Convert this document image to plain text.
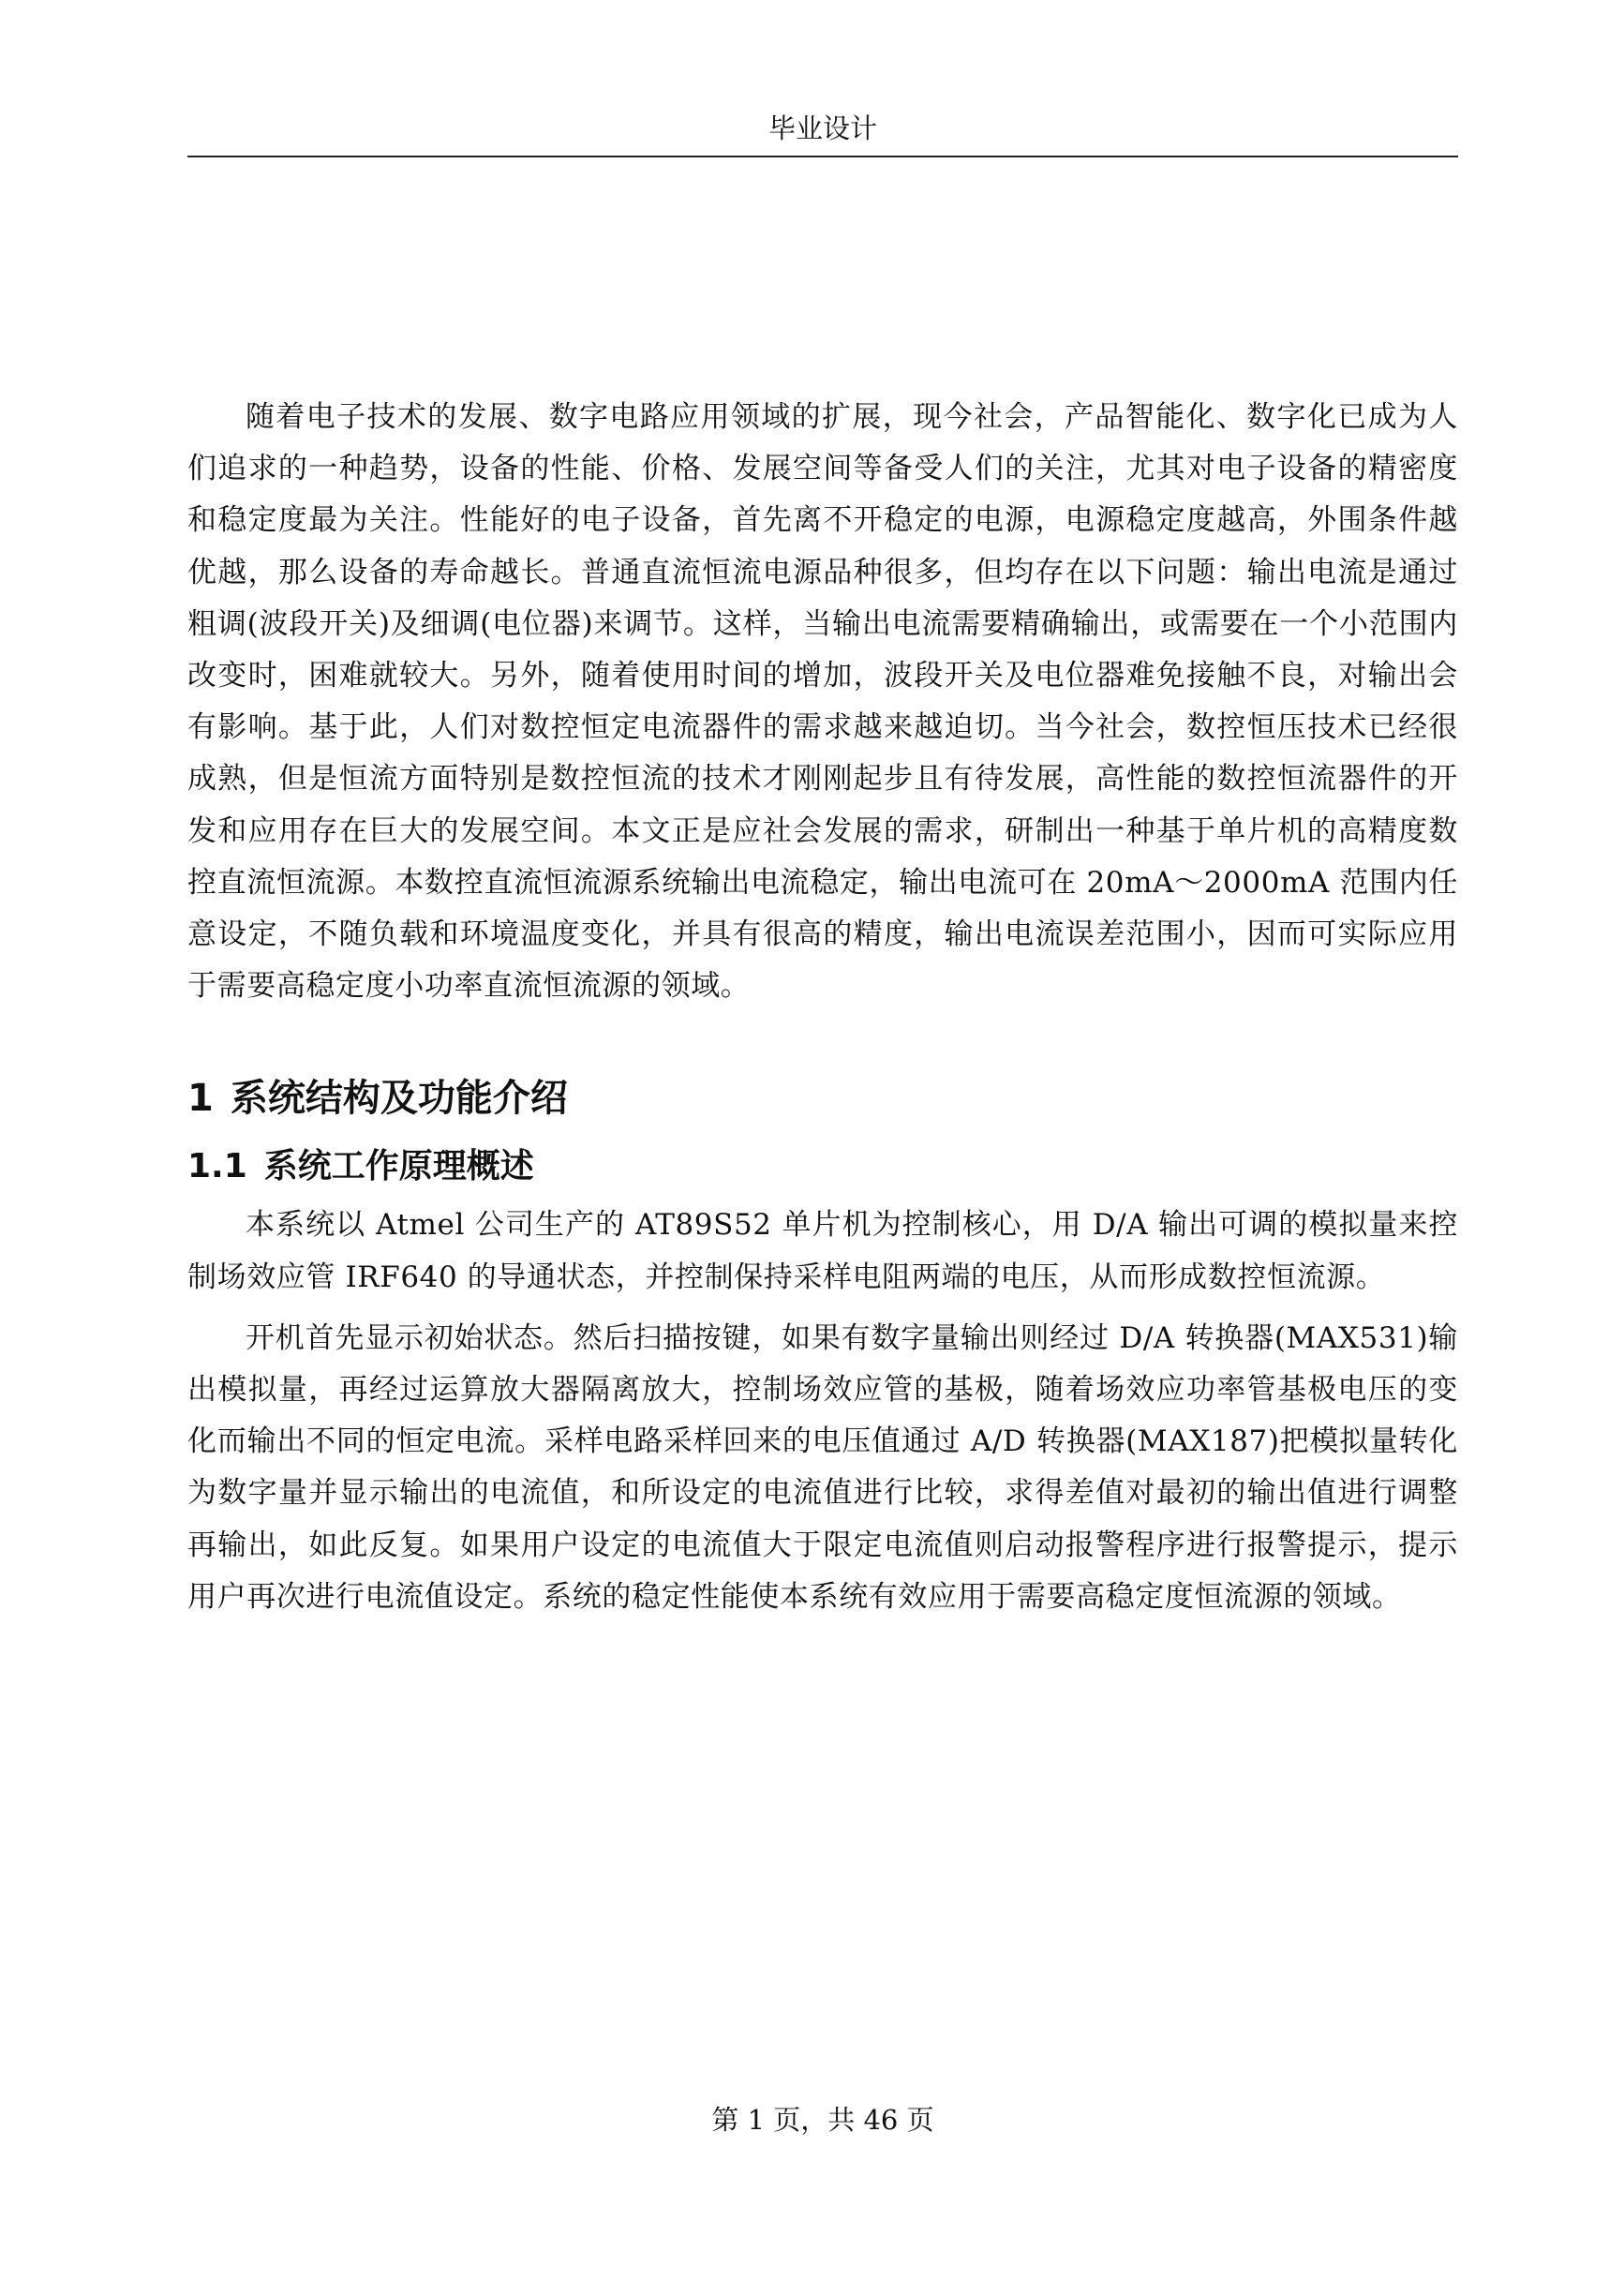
毕业设计

随着电子技术的发展、数字电路应用领域的扩展，现今社会，产品智能化、数字化已成为人们追求的一种趋势，设备的性能、价格、发展空间等备受人们的关注，尤其对电子设备的精密度和稳定度最为关注。性能好的电子设备，首先离不开稳定的电源，电源稳定度越高，外围条件越优越，那么设备的寿命越长。普通直流恒流电源品种很多，但均存在以下问题：输出电流是通过粗调(波段开关)及细调(电位器)来调节。这样，当输出电流需要精确输出，或需要在一个小范围内改变时，困难就较大。另外，随着使用时间的增加，波段开关及电位器难免接触不良，对输出会有影响。基于此，人们对数控恒定电流器件的需求越来越迫切。当今社会，数控恒压技术已经很成熟，但是恒流方面特别是数控恒流的技术才刚刚起步且有待发展，高性能的数控恒流器件的开发和应用存在巨大的发展空间。本文正是应社会发展的需求，研制出一种基于单片机的高精度数控直流恒流源。本数控直流恒流源系统输出电流稳定，输出电流可在 20mA～2000mA 范围内任意设定，不随负载和环境温度变化，并具有很高的精度，输出电流误差范围小，因而可实际应用于需要高稳定度小功率直流恒流源的领域。

1 系统结构及功能介绍
1.1 系统工作原理概述

本系统以 Atmel 公司生产的 AT89S52 单片机为控制核心，用 D/A 输出可调的模拟量来控制场效应管 IRF640 的导通状态，并控制保持采样电阻两端的电压，从而形成数控恒流源。

开机首先显示初始状态。然后扫描按键，如果有数字量输出则经过 D/A 转换器(MAX531)输出模拟量，再经过运算放大器隔离放大，控制场效应管的基极，随着场效应功率管基极电压的变化而输出不同的恒定电流。采样电路采样回来的电压值通过 A/D 转换器(MAX187)把模拟量转化为数字量并显示输出的电流值，和所设定的电流值进行比较，求得差值对最初的输出值进行调整再输出，如此反复。如果用户设定的电流值大于限定电流值则启动报警程序进行报警提示，提示用户再次进行电流值设定。系统的稳定性能使本系统有效应用于需要高稳定度恒流源的领域。

第 1 页，共 46 页
